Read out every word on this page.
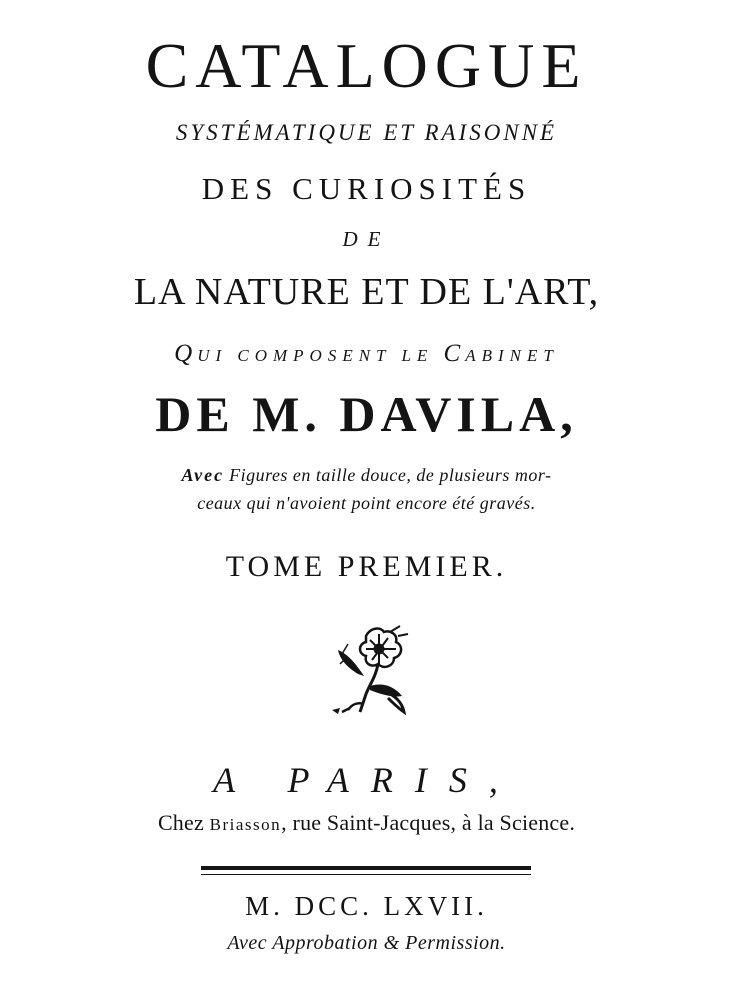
CATALOGUE
SYSTÉMATIQUE ET RAISONNÉ
DES CURIOSITÉS
DE
LA NATURE ET DE L'ART,
QUI COMPOSENT LE CABINET
DE M. DAVILA,
Avec Figures en taille douce, de plusieurs mor-
ceaux qui n'avoient point encore été gravés.
TOME PREMIER.
A PARIS,
Chez Briasson, rue Saint-Jacques, à la Science.
M. DCC. LXVII.
Avec Approbation & Permission.
